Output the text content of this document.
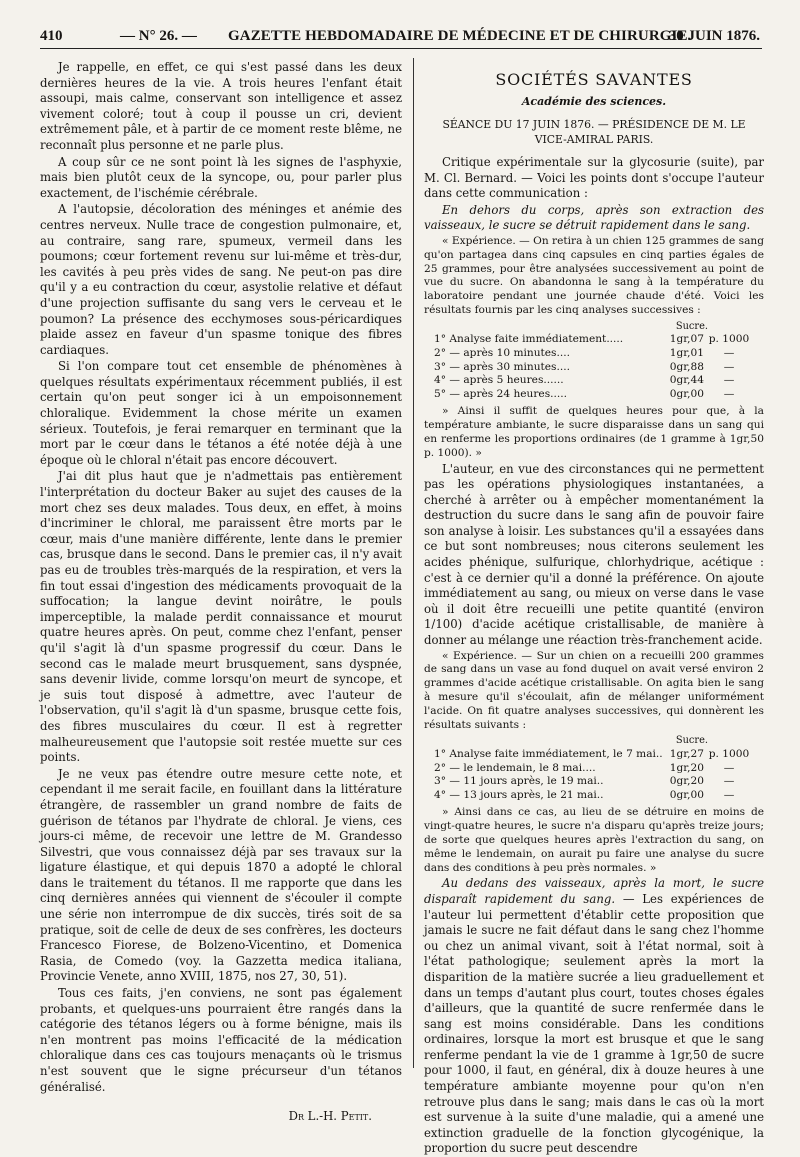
410	— N° 26. — GAZETTE HEBDOMADAIRE DE MÉDECINE ET DE CHIRURGIE.
30 JUIN 1876.

Je rappelle, en effet, ce qui s'est passé dans les deux dernières heures de la vie. A trois heures l'enfant était assoupi, mais calme, conservant son intelligence et assez vivement coloré; tout à coup il pousse un cri, devient extrêmement pâle, et à partir de ce moment reste blême, ne reconnaît plus personne et ne parle plus.

A coup sûr ce ne sont point là les signes de l'asphyxie, mais bien plutôt ceux de la syncope, ou, pour parler plus exactement, de l'ischémie cérébrale.

A l'autopsie, décoloration des méninges et anémie des centres nerveux. Nulle trace de congestion pulmonaire, et, au contraire, sang rare, spumeux, vermeil dans les poumons; cœur fortement revenu sur lui-même et très-dur, les cavités à peu près vides de sang. Ne peut-on pas dire qu'il y a eu contraction du cœur, asystolie relative et défaut d'une projection suffisante du sang vers le cerveau et le poumon? La présence des ecchymoses sous-péricardiques plaide assez en faveur d'un spasme tonique des fibres cardiaques.

Si l'on compare tout cet ensemble de phénomènes à quelques résultats expérimentaux récemment publiés, il est certain qu'on peut songer ici à un empoisonnement chloralique. Evidemment la chose mérite un examen sérieux. Toutefois, je ferai remarquer en terminant que la mort par le cœur dans le tétanos a été notée déjà à une époque où le chloral n'était pas encore découvert.

J'ai dit plus haut que je n'admettais pas entièrement l'interprétation du docteur Baker au sujet des causes de la mort chez ses deux malades. Tous deux, en effet, à moins d'incriminer le chloral, me paraissent être morts par le cœur, mais d'une manière différente, lente dans le premier cas, brusque dans le second. Dans le premier cas, il n'y avait pas eu de troubles très-marqués de la respiration, et vers la fin tout essai d'ingestion des médicaments provoquait de la suffocation; la langue devint noirâtre, le pouls imperceptible, la malade perdit connaissance et mourut quatre heures après. On peut, comme chez l'enfant, penser qu'il s'agit là d'un spasme progressif du cœur. Dans le second cas le malade meurt brusquement, sans dyspnée, sans devenir livide, comme lorsqu'on meurt de syncope, et je suis tout disposé à admettre, avec l'auteur de l'observation, qu'il s'agit là d'un spasme, brusque cette fois, des fibres musculaires du cœur. Il est à regretter malheureusement que l'autopsie soit restée muette sur ces points.

Je ne veux pas étendre outre mesure cette note, et cependant il me serait facile, en fouillant dans la littérature étrangère, de rassembler un grand nombre de faits de guérison de tétanos par l'hydrate de chloral. Je viens, ces jours-ci même, de recevoir une lettre de M. Grandesso Silvestri, que vous connaissez déjà par ses travaux sur la ligature élastique, et qui depuis 1870 a adopté le chloral dans le traitement du tétanos. Il me rapporte que dans les cinq dernières années qui viennent de s'écouler il compte une série non interrompue de dix succès, tirés soit de sa pratique, soit de celle de deux de ses confrères, les docteurs Francesco Fiorese, de Bolzeno-Vicentino, et Domenica Rasia, de Comedo (voy. la Gazzetta medica italiana, Provincie Venete, anno XVIII, 1875, nos 27, 30, 51).

Tous ces faits, j'en conviens, ne sont pas également probants, et quelques-uns pourraient être rangés dans la catégorie des tétanos légers ou à forme bénigne, mais ils n'en montrent pas moins l'efficacité de la médication chloralique dans ces cas toujours menaçants où le trismus n'est souvent que le signe précurseur d'un tétanos généralisé.

Dr L.-H. Petit.

SOCIÉTÉS SAVANTES
Académie des sciences.
SÉANCE DU 17 JUIN 1876. — PRÉSIDENCE DE M. LE VICE-AMIRAL PARIS.

Critique expérimentale sur la glycosurie (suite), par M. Cl. Bernard. — Voici les points dont s'occupe l'auteur dans cette communication :

En dehors du corps, après son extraction des vaisseaux, le sucre se détruit rapidement dans le sang.

« Expérience. — On retira à un chien 125 grammes de sang qu'on partagea dans cinq capsules en cinq parties égales de 25 grammes, pour être analysées successivement au point de vue du sucre. On abandonna le sang à la température du laboratoire pendant une journée chaude d'été. Voici les résultats fournis par les cinq analyses successives :

Sucre.
1° Analyse faite immédiatement.....	1gr,07 p. 1000
2° — après 10 minutes....	1gr,01	—
3° — après 30 minutes....	0gr,88	—
4° — après 5 heures......	0gr,44	—
5° — après 24 heures.....	0gr,00	—

» Ainsi il suffit de quelques heures pour que, à la température ambiante, le sucre disparaisse dans un sang qui en renferme les proportions ordinaires (de 1 gramme à 1gr,50 p. 1000). »

L'auteur, en vue des circonstances qui ne permettent pas les opérations physiologiques instantanées, a cherché à arrêter ou à empêcher momentanément la destruction du sucre dans le sang afin de pouvoir faire son analyse à loisir. Les substances qu'il a essayées dans ce but sont nombreuses; nous citerons seulement les acides phénique, sulfurique, chlorhydrique, acétique : c'est à ce dernier qu'il a donné la préférence. On ajoute immédiatement au sang, ou mieux on verse dans le vase où il doit être recueilli une petite quantité (environ 1/100) d'acide acétique cristallisable, de manière à donner au mélange une réaction très-franchement acide.

« Expérience. — Sur un chien on a recueilli 200 grammes de sang dans un vase au fond duquel on avait versé environ 2 grammes d'acide acétique cristallisable. On agita bien le sang à mesure qu'il s'écoulait, afin de mélanger uniformément l'acide. On fit quatre analyses successives, qui donnèrent les résultats suivants :

Sucre.
1° Analyse faite immédiatement, le 7 mai.. 1gr,27 p. 1000
2° — le lendemain, le 8 mai....	1gr,20	—
3° — 11 jours après, le 19 mai..	0gr,20	—
4° — 13 jours après, le 21 mai..	0gr,00	—

» Ainsi dans ce cas, au lieu de se détruire en moins de vingt-quatre heures, le sucre n'a disparu qu'après treize jours; de sorte que quelques heures après l'extraction du sang, on même le lendemain, on aurait pu faire une analyse du sucre dans des conditions à peu près normales. »

Au dedans des vaisseaux, après la mort, le sucre disparaît rapidement du sang. — Les expériences de l'auteur lui permettent d'établir cette proposition que jamais le sucre ne fait défaut dans le sang chez l'homme ou chez un animal vivant, soit à l'état normal, soit à l'état pathologique; seulement après la mort la disparition de la matière sucrée a lieu graduellement et dans un temps d'autant plus court, toutes choses égales d'ailleurs, que la quantité de sucre renfermée dans le sang est moins considérable. Dans les conditions ordinaires, lorsque la mort est brusque et que le sang renferme pendant la vie de 1 gramme à 1gr,50 de sucre pour 1000, il faut, en général, dix à douze heures à une température ambiante moyenne pour qu'on n'en retrouve plus dans le sang; mais dans le cas où la mort est survenue à la suite d'une maladie, qui a amené une extinction graduelle de la fonction glycogénique, la proportion du sucre peut descendre
